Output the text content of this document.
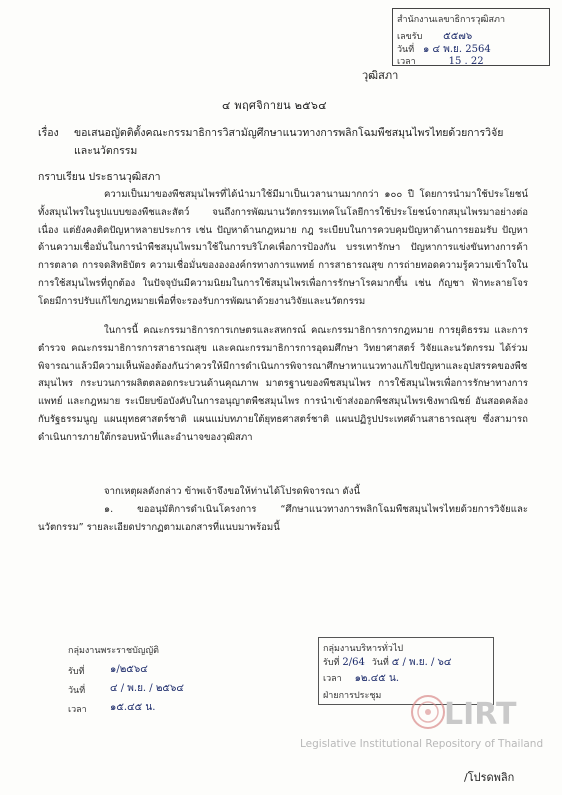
สำนักงานเลขาธิการวุฒิสภา
เลขรับ ๕๕๗๖
วันที่ ๑ ๔ พ.ย. 2564
เวลา	15 . 22
วุฒิสภา
๔ พฤศจิกายน ๒๕๖๔
เรื่อง ขอเสนอญัตติตั้งคณะกรรมาธิการวิสามัญศึกษาแนวทางการพลิกโฉมพืชสมุนไพรไทยด้วยการวิจัย
และนวัตกรรม
กราบเรียน ประธานวุฒิสภา
ความเป็นมาของพืชสมุนไพรที่ได้นำมาใช้มีมาเป็นเวลานานมากกว่า ๑๐๐ ปี โดยการนำมาใช้ประโยชน์ทั้งสมุนไพรในรูปแบบของพืชและสัตว์ จนถึงการพัฒนานวัตกรรมเทคโนโลยีการใช้ประโยชน์จากสมุนไพรมาอย่างต่อเนื่อง แต่ยังคงติดปัญหาหลายประการ เช่น ปัญหาด้านกฎหมาย กฎ ระเบียบในการควบคุมปัญหาด้านการยอมรับ ปัญหาด้านความเชื่อมั่นในการนำพืชสมุนไพรมาใช้ในการบริโภคเพื่อการป้องกัน บรรเทารักษา ปัญหาการแข่งขันทางการค้า การตลาด การจดสิทธิบัตร ความเชื่อมั่นของององค์กรทางการแพทย์ การสาธารณสุข การถ่ายทอดความรู้ความเข้าใจในการใช้สมุนไพรที่ถูกต้อง ในปัจจุบันมีความนิยมในการใช้สมุนไพรเพื่อการรักษาโรคมากขึ้น เช่น กัญชา ฟ้าทะลายโจร โดยมีการปรับแก้ไขกฎหมายเพื่อที่จะรองรับการพัฒนาด้วยงานวิจัยและนวัตกรรม
ในการนี้ คณะกรรมาธิการการเกษตรและสหกรณ์ คณะกรรมาธิการการกฎหมาย การยุติธรรม และการตำรวจ คณะกรรมาธิการการสาธารณสุข และคณะกรรมาธิการการอุดมศึกษา วิทยาศาสตร์ วิจัยและนวัตกรรม ได้ร่วมพิจารณาแล้วมีความเห็นพ้องต้องกันว่าควรให้มีการดำเนินการพิจารณาศึกษาหาแนวทางแก้ไขปัญหาและอุปสรรคของพืชสมุนไพร กระบวนการผลิตตลอดกระบวนด้านคุณภาพ มาตรฐานของพืชสมุนไพร การใช้สมุนไพรเพื่อการรักษาทางการแพทย์ และกฎหมาย ระเบียบข้อบังคับในการอนุญาตพืชสมุนไพร การนำเข้าส่งออกพืชสมุนไพรเชิงพาณิชย์ อันสอดคล้องกับรัฐธรรมนูญ แผนยุทธศาสตร์ชาติ แผนแม่บทภายใต้ยุทธศาสตร์ชาติ แผนปฏิรูปประเทศด้านสาธารณสุข ซึ่งสามารถดำเนินการภายใต้กรอบหน้าที่และอำนาจของวุฒิสภา
จากเหตุผลดังกล่าว ข้าพเจ้าจึงขอให้ท่านได้โปรดพิจารณา ดังนี้
๑. ขออนุมัติการดำเนินโครงการ “ศึกษาแนวทางการพลิกโฉมพืชสมุนไพรไทยด้วยการวิจัยและนวัตกรรม” รายละเอียดปรากฏตามเอกสารที่แนบมาพร้อมนี้
กลุ่มงานพระราชบัญญัติ
รับที่	๑/๒๕๖๔
วันที่ ๔ / พ.ย. / ๒๕๖๔
เวลา ๑๕.๔๕ น.
กลุ่มงานบริหารทั่วไป
รับที่ 2/64 วันที่ ๕ / พ.ย. / ๖๔
เวลา ๑๒.๔๕ น.
ฝ่ายการประชุม
LIRT
Legislative Institutional Repository of Thailand
/โปรดพลิก
